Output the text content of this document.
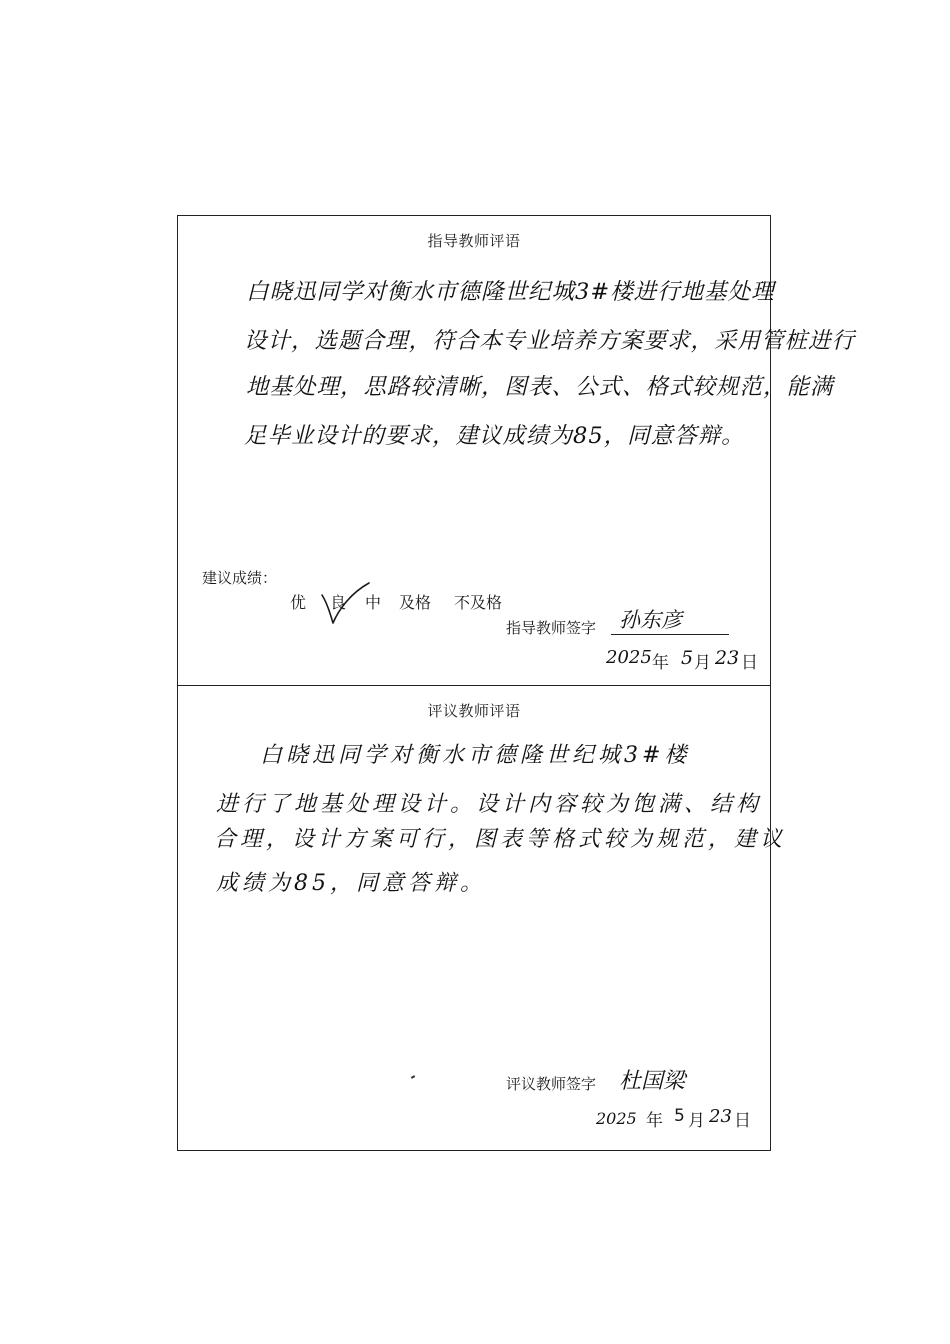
指导教师评语
白晓迅同学对衡水市德隆世纪城3#楼进行地基处理
设计，选题合理，符合本专业培养方案要求，采用管桩进行
地基处理，思路较清晰，图表、公式、格式较规范，能满
足毕业设计的要求，建议成绩为85，同意答辩。
建议成绩：
优 良 中 及格 不及格
指导教师签字 孙东彦
2025 年 5 月 23 日
评议教师评语
白晓迅同学对衡水市德隆世纪城3#楼
进行了地基处理设计。设计内容较为饱满、结构
合理，设计方案可行，图表等格式较为规范，建议
成绩为85，同意答辩。
评议教师签字 杜国梁
2025 年 5 月 23 日
